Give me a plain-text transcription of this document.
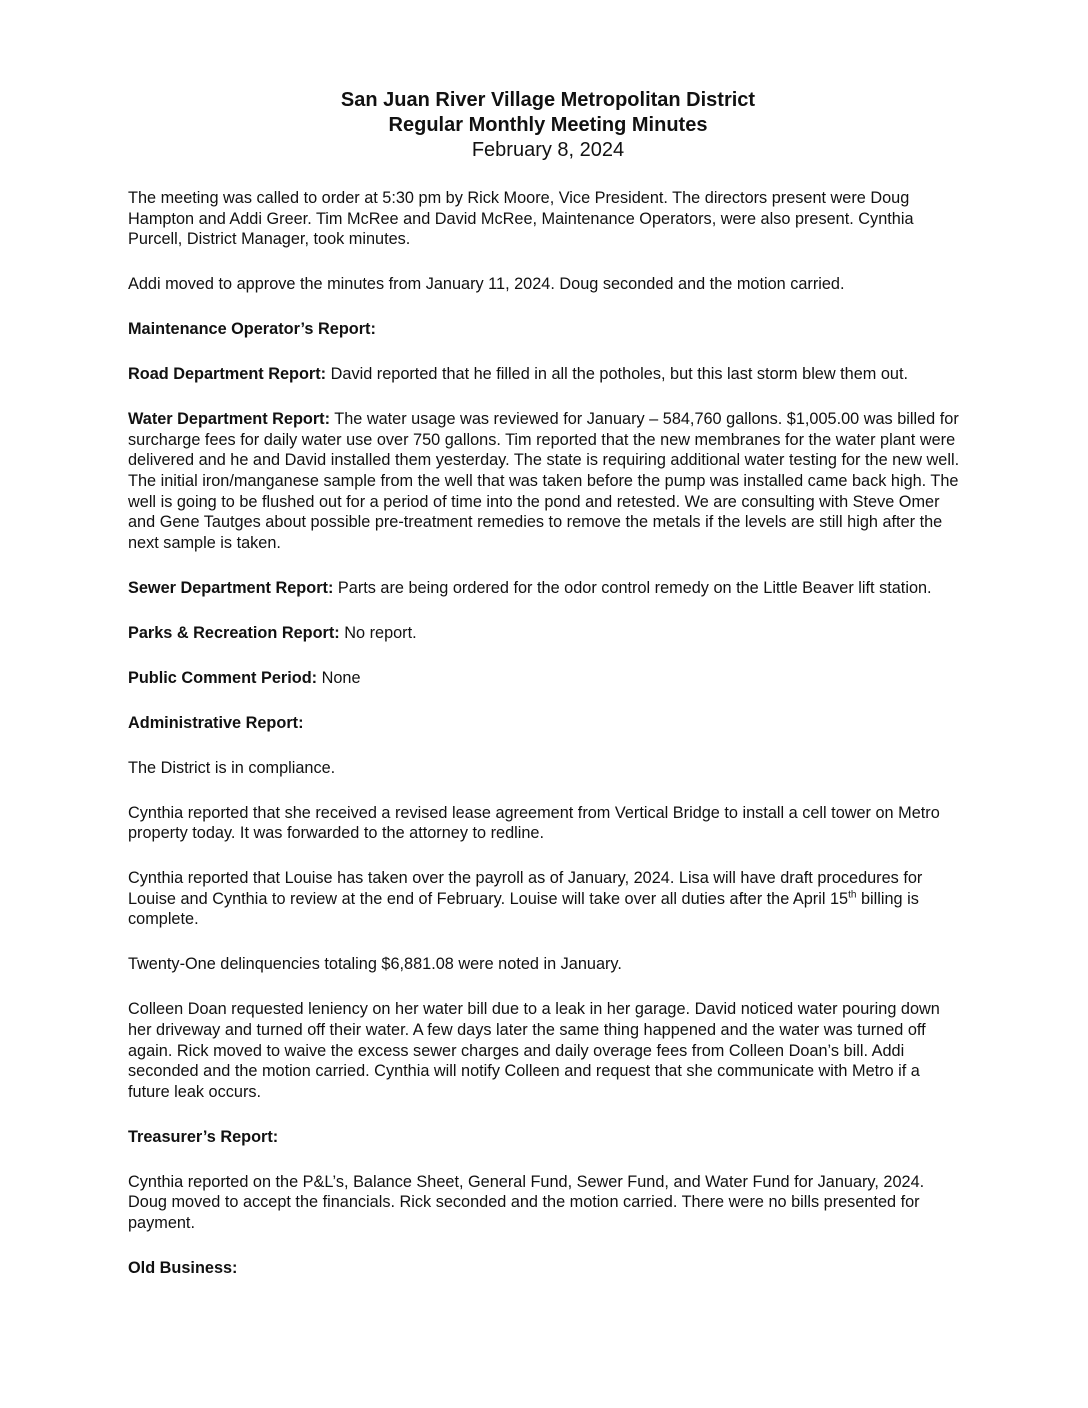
San Juan River Village Metropolitan District
Regular Monthly Meeting Minutes
February 8, 2024

The meeting was called to order at 5:30 pm by Rick Moore, Vice President. The directors present were Doug Hampton and Addi Greer. Tim McRee and David McRee, Maintenance Operators, were also present. Cynthia Purcell, District Manager, took minutes.

Addi moved to approve the minutes from January 11, 2024. Doug seconded and the motion carried.

Maintenance Operator’s Report:

Road Department Report: David reported that he filled in all the potholes, but this last storm blew them out.

Water Department Report: The water usage was reviewed for January – 584,760 gallons. $1,005.00 was billed for surcharge fees for daily water use over 750 gallons. Tim reported that the new membranes for the water plant were delivered and he and David installed them yesterday. The state is requiring additional water testing for the new well. The initial iron/manganese sample from the well that was taken before the pump was installed came back high. The well is going to be flushed out for a period of time into the pond and retested. We are consulting with Steve Omer and Gene Tautges about possible pre-treatment remedies to remove the metals if the levels are still high after the next sample is taken.

Sewer Department Report: Parts are being ordered for the odor control remedy on the Little Beaver lift station.

Parks & Recreation Report: No report.

Public Comment Period: None

Administrative Report:

The District is in compliance.

Cynthia reported that she received a revised lease agreement from Vertical Bridge to install a cell tower on Metro property today. It was forwarded to the attorney to redline.

Cynthia reported that Louise has taken over the payroll as of January, 2024. Lisa will have draft procedures for Louise and Cynthia to review at the end of February. Louise will take over all duties after the April 15th billing is complete.

Twenty-One delinquencies totaling $6,881.08 were noted in January.

Colleen Doan requested leniency on her water bill due to a leak in her garage. David noticed water pouring down her driveway and turned off their water. A few days later the same thing happened and the water was turned off again. Rick moved to waive the excess sewer charges and daily overage fees from Colleen Doan’s bill. Addi seconded and the motion carried. Cynthia will notify Colleen and request that she communicate with Metro if a future leak occurs.

Treasurer’s Report:

Cynthia reported on the P&L’s, Balance Sheet, General Fund, Sewer Fund, and Water Fund for January, 2024. Doug moved to accept the financials. Rick seconded and the motion carried. There were no bills presented for payment.

Old Business:
